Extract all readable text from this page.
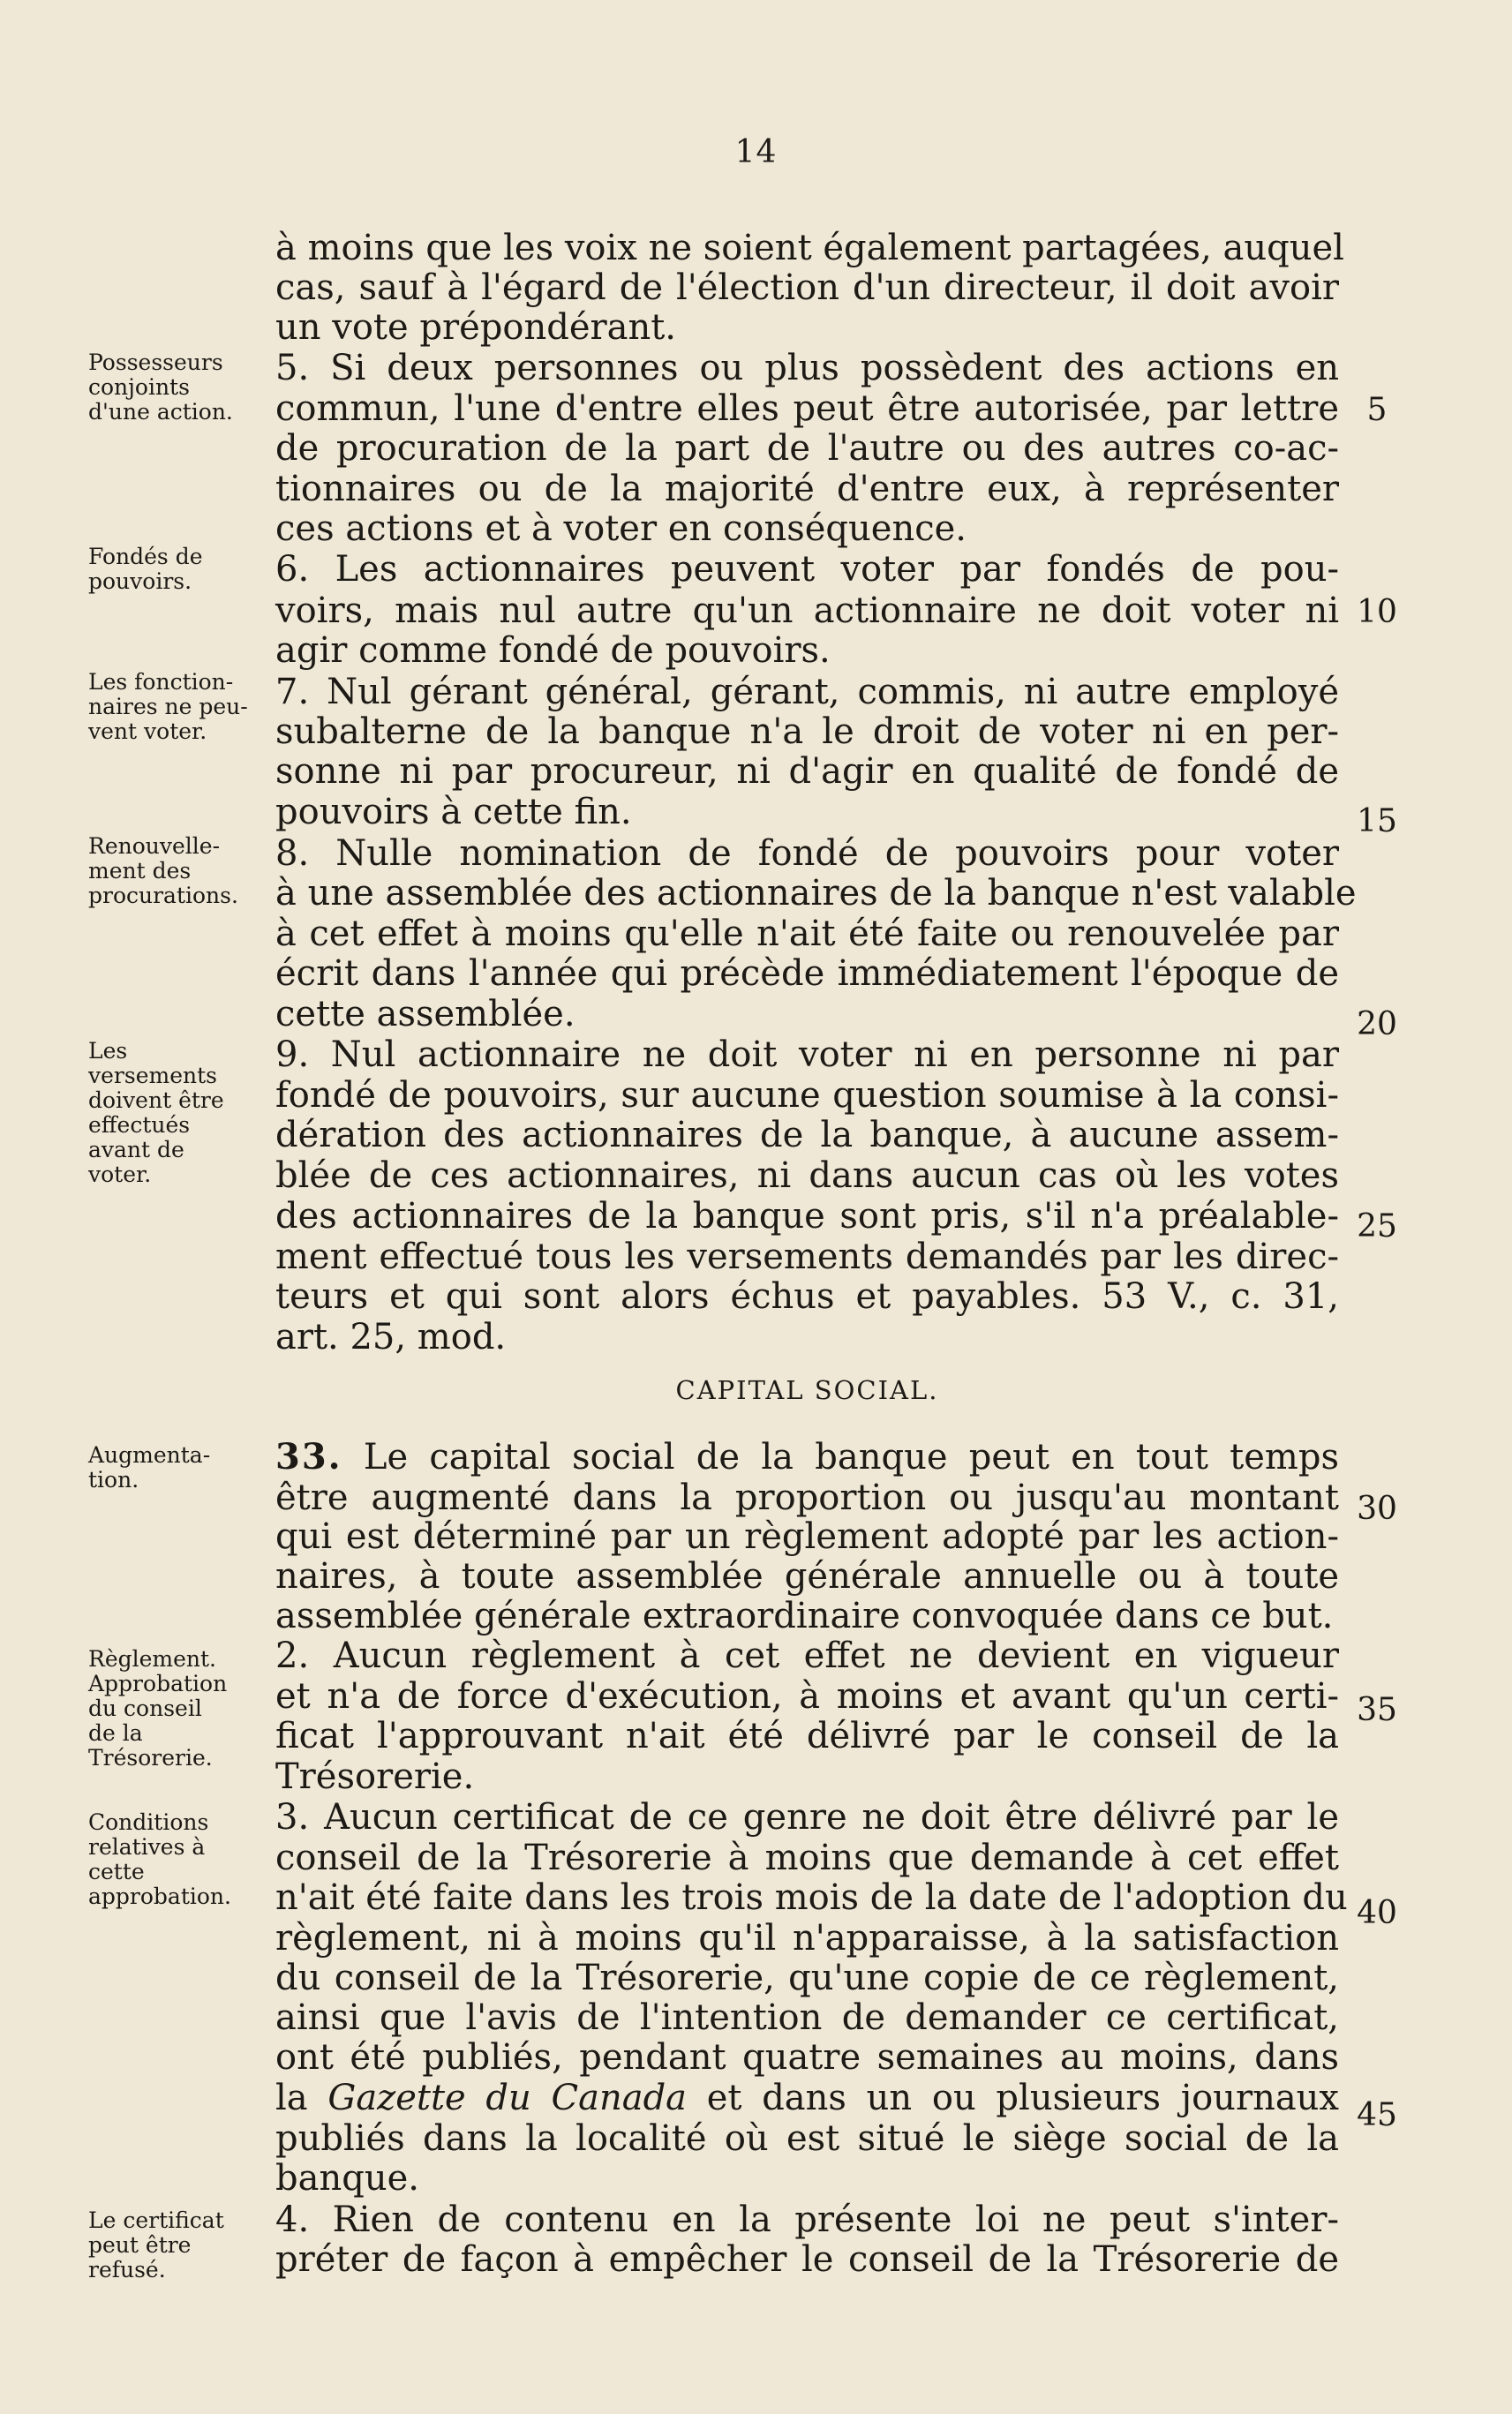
14
à moins que les voix ne soient également partagées, auquel
cas, sauf à l'égard de l'élection d'un directeur, il doit avoir
un vote prépondérant.
5. Si deux personnes ou plus possèdent des actions en
commun, l'une d'entre elles peut être autorisée, par lettre
de procuration de la part de l'autre ou des autres co-ac-
tionnaires ou de la majorité d'entre eux, à représenter
ces actions et à voter en conséquence.
6. Les actionnaires peuvent voter par fondés de pou-
voirs, mais nul autre qu'un actionnaire ne doit voter ni
agir comme fondé de pouvoirs.
7. Nul gérant général, gérant, commis, ni autre employé
subalterne de la banque n'a le droit de voter ni en per-
sonne ni par procureur, ni d'agir en qualité de fondé de
pouvoirs à cette fin.
8. Nulle nomination de fondé de pouvoirs pour voter
à une assemblée des actionnaires de la banque n'est valable
à cet effet à moins qu'elle n'ait été faite ou renouvelée par
écrit dans l'année qui précède immédiatement l'époque de
cette assemblée.
9. Nul actionnaire ne doit voter ni en personne ni par
fondé de pouvoirs, sur aucune question soumise à la consi-
dération des actionnaires de la banque, à aucune assem-
blée de ces actionnaires, ni dans aucun cas où les votes
des actionnaires de la banque sont pris, s'il n'a préalable-
ment effectué tous les versements demandés par les direc-
teurs et qui sont alors échus et payables. 53 V., c. 31,
art. 25, mod.
33. Le capital social de la banque peut en tout temps
être augmenté dans la proportion ou jusqu'au montant
qui est déterminé par un règlement adopté par les action-
naires, à toute assemblée générale annuelle ou à toute
assemblée générale extraordinaire convoquée dans ce but.
2. Aucun règlement à cet effet ne devient en vigueur
et n'a de force d'exécution, à moins et avant qu'un certi-
ficat l'approuvant n'ait été délivré par le conseil de la
Trésorerie.
3. Aucun certificat de ce genre ne doit être délivré par le
conseil de la Trésorerie à moins que demande à cet effet
n'ait été faite dans les trois mois de la date de l'adoption du
règlement, ni à moins qu'il n'apparaisse, à la satisfaction
du conseil de la Trésorerie, qu'une copie de ce règlement,
ainsi que l'avis de l'intention de demander ce certificat,
ont été publiés, pendant quatre semaines au moins, dans
la Gazette du Canada et dans un ou plusieurs journaux
publiés dans la localité où est situé le siège social de la
banque.
4. Rien de contenu en la présente loi ne peut s'inter-
préter de façon à empêcher le conseil de la Trésorerie de
CAPITAL SOCIAL.
Possesseurs
conjoints
d'une action.
Fondés de
pouvoirs.
Les fonction-
naires ne peu-
vent voter.
Renouvelle-
ment des
procurations.
Les
versements
doivent être
effectués
avant de
voter.
Augmenta-
tion.
Règlement.
Approbation
du conseil
de la
Trésorerie.
Conditions
relatives à
cette
approbation.
Le certificat
peut être
refusé.
5
10
15
20
25
30
35
40
45
